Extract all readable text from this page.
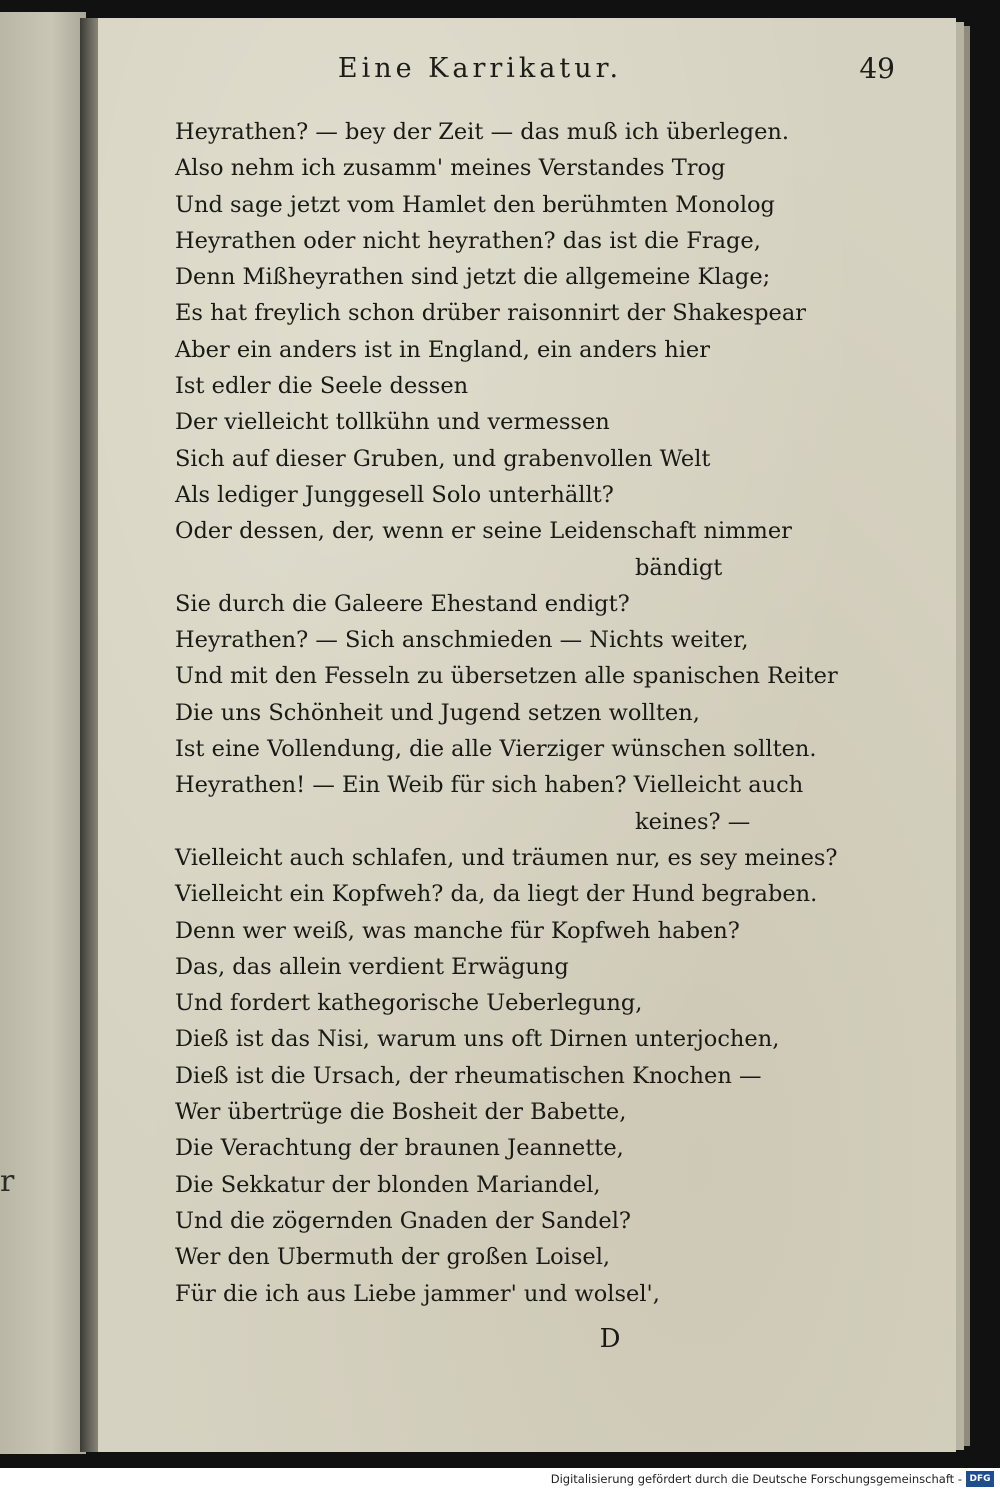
r
Eine Karrikatur.	49
Heyrathen? — bey der Zeit — das muß ich überlegen.
Also nehm ich zusamm' meines Verstandes Trog
Und sage jetzt vom Hamlet den berühmten Monolog
Heyrathen oder nicht heyrathen? das ist die Frage,
Denn Mißheyrathen sind jetzt die allgemeine Klage;
Es hat freylich schon drüber raisonnirt der Shakespear
Aber ein anders ist in England, ein anders hier
Ist edler die Seele dessen
Der vielleicht tollkühn und vermessen
Sich auf dieser Gruben, und grabenvollen Welt
Als lediger Junggesell Solo unterhällt?
Oder dessen, der, wenn er seine Leidenschaft nimmer
bändigt
Sie durch die Galeere Ehestand endigt?
Heyrathen? — Sich anschmieden — Nichts weiter,
Und mit den Fesseln zu übersetzen alle spanischen Reiter
Die uns Schönheit und Jugend setzen wollten,
Ist eine Vollendung, die alle Vierziger wünschen sollten.
Heyrathen! — Ein Weib für sich haben? Vielleicht auch
keines? —
Vielleicht auch schlafen, und träumen nur, es sey meines?
Vielleicht ein Kopfweh? da, da liegt der Hund begraben.
Denn wer weiß, was manche für Kopfweh haben?
Das, das allein verdient Erwägung
Und fordert kathegorische Ueberlegung,
Dieß ist das Nisi, warum uns oft Dirnen unterjochen,
Dieß ist die Ursach, der rheumatischen Knochen —
Wer übertrüge die Bosheit der Babette,
Die Verachtung der braunen Jeannette,
Die Sekkatur der blonden Mariandel,
Und die zögernden Gnaden der Sandel?
Wer den Ubermuth der großen Loisel,
Für die ich aus Liebe jammer' und wolsel',
D
Digitalisierung gefördert durch die Deutsche Forschungsgemeinschaft - DFG
